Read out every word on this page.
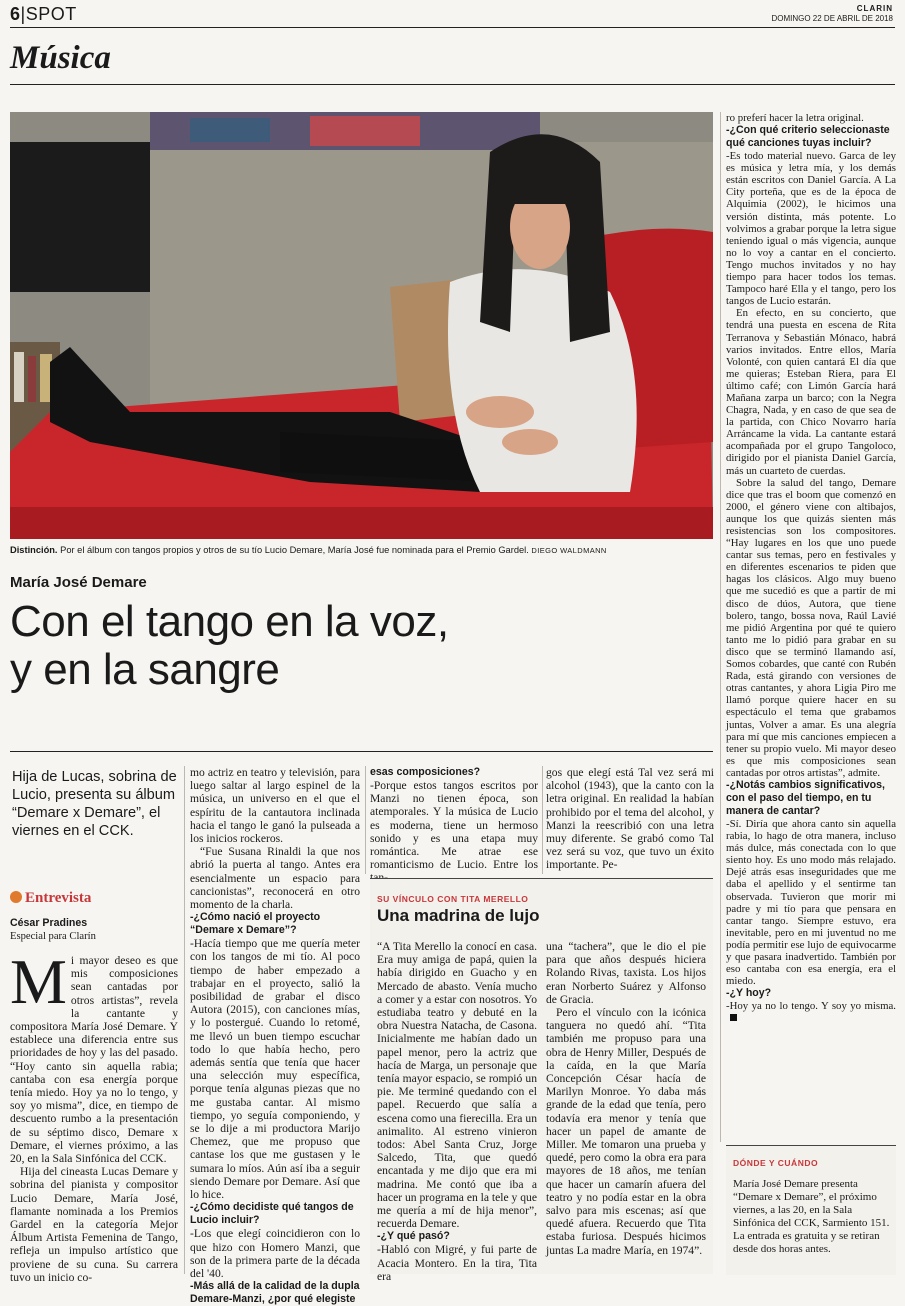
6|SPOT	CLARIN
DOMINGO 22 DE ABRIL DE 2018
Música
Distinción. Por el álbum con tangos propios y otros de su tío Lucio Demare, María José fue nominada para el Premio Gardel. DIEGO WALDMANN
María José Demare
Con el tango en la voz,
y en la sangre
Hija de Lucas, sobrina de Lucio, presenta su álbum “Demare x Demare”, el viernes en el CCK.
Entrevista
César Pradines
Especial para Clarín

Mi mayor deseo es que mis composiciones sean cantadas por otros artistas”, revela la cantante y compositora María José Demare. Y establece una diferencia entre sus prioridades de hoy y las del pasado. “Hoy canto sin aquella rabia; cantaba con esa energía porque tenía miedo. Hoy ya no lo tengo, y soy yo misma”, dice, en tiempo de descuento rumbo a la presentación de su séptimo disco, Demare x Demare, el viernes próximo, a las 20, en la Sala Sinfónica del CCK.

Hija del cineasta Lucas Demare y sobrina del pianista y compositor Lucio Demare, María José, flamante nominada a los Premios Gardel en la categoría Mejor Álbum Artista Femenina de Tango, refleja un impulso artístico que proviene de su cuna. Su carrera tuvo un inicio co-

mo actriz en teatro y televisión, para luego saltar al largo espinel de la música, un universo en el que el espíritu de la cantautora inclinada hacia el tango le ganó la pulseada a los inicios rockeros.

“Fue Susana Rinaldi la que nos abrió la puerta al tango. Antes era esencialmente un espacio para cancionistas”, reconocerá en otro momento de la charla.

-¿Cómo nació el proyecto “Demare x Demare”?

-Hacía tiempo que me quería meter con los tangos de mi tío. Al poco tiempo de haber empezado a trabajar en el proyecto, salió la posibilidad de grabar el disco Autora (2015), con canciones mías, y lo postergué. Cuando lo retomé, me llevó un buen tiempo escuchar todo lo que había hecho, pero además sentía que tenía que hacer una selección muy específica, porque tenía algunas piezas que no me gustaba cantar. Al mismo tiempo, yo seguía componiendo, y se lo dije a mi productora Marijo Chemez, que me propuso que cantase los que me gustasen y le sumara lo míos. Aún así iba a seguir siendo Demare por Demare. Así que lo hice.

-¿Cómo decidiste qué tangos de Lucio incluir?

-Los que elegí coincidieron con lo que hizo con Homero Manzi, que son de la primera parte de la década del '40.

-Más allá de la calidad de la dupla Demare-Manzi, ¿por qué elegiste
esas composiciones?

-Porque estos tangos escritos por Manzi no tienen época, son atemporales. Y la música de Lucio es moderna, tiene un hermoso sonido y es una etapa muy romántica. Me atrae ese romanticismo de Lucio. Entre los

gos que elegí está Tal vez será mi alcohol (1943), que la canto con la letra original. En realidad la habían prohibido por el tema del alcohol, y Manzi la reescribió con una letra muy diferente. Se grabó como Tal vez será su voz, que tuvo un éxito importante. Pe-

SU VÍNCULO CON TITA MERELLO
Una madrina de lujo

“A Tita Merello la conocí en casa. Era muy amiga de papá, quien la había dirigido en Guacho y en Mercado de abasto. Venía mucho a comer y a estar con nosotros. Yo estudiaba teatro y debuté en la obra Nuestra Natacha, de Casona. Inicialmente me habían dado un papel menor, pero la actriz que hacía de Marga, un personaje que tenía mayor espacio, se rompió un pie. Me terminé quedando con el papel. Recuerdo que salía a escena como una fierecilla. Era un animalito. Al estreno vinieron todos: Abel Santa Cruz, Jorge Salcedo, Tita, que quedó encantada y me dijo que era mi madrina. Me contó que iba a hacer un programa en la tele y que me quería a mí de hija menor”, recuerda Demare.

-¿Y qué pasó?

-Habló con Migré, y fui parte de Acacia Montero. En la tira, Tita era

una “tachera”, que le dio el pie para que años después hiciera Rolando Rivas, taxista. Los hijos eran Norberto Suárez y Alfonso de Gracia.

Pero el vínculo con la icónica tanguera no quedó ahí. “Tita también me propuso para una obra de Henry Miller, Después de la caída, en la que María Concepción César hacía de Marilyn Monroe. Yo daba más grande de la edad que tenía, pero todavía era menor y tenía que hacer un papel de amante de Miller. Me tomaron una prueba y quedé, pero como la obra era para mayores de 18 años, me tenían que hacer un camarín afuera del teatro y no podía estar en la obra salvo para mis escenas; así que quedé afuera. Recuerdo que Tita estaba furiosa. Después hicimos juntas La madre María, en 1974”.

ro preferí hacer la letra original.

-¿Con qué criterio seleccionaste qué canciones tuyas incluir?

-Es todo material nuevo. Garca de ley es música y letra mía, y los demás están escritos con Daniel García. A La City porteña, que es de la época de Alquimia (2002), le hicimos una versión distinta, más potente. Lo volvimos a grabar porque la letra sigue teniendo igual o más vigencia, aunque no lo voy a cantar en el concierto. Tengo muchos invitados y no hay tiempo para hacer todos los temas. Tampoco haré Ella y el tango, pero los tangos de Lucio estarán.

En efecto, en su concierto, que tendrá una puesta en escena de Rita Terranova y Sebastián Mónaco, habrá varios invitados. Entre ellos, María Volonté, con quien cantará El día que me quieras; Esteban Riera, para El último café; con Limón García hará Mañana zarpa un barco; con la Negra Chagra, Nada, y en caso de que sea de la partida, con Chico Novarro haría Arráncame la vida. La cantante estará acompañada por el grupo Tangoloco, dirigido por el pianista Daniel García, más un cuarteto de cuerdas.

Sobre la salud del tango, Demare dice que tras el boom que comenzó en 2000, el género viene con altibajos, aunque los que quizás sienten más resistencias son los compositores. “Hay lugares en los que uno puede cantar sus temas, pero en festivales y en diferentes escenarios te piden que hagas los clásicos. Algo muy bueno que me sucedió es que a partir de mi disco de dúos, Autora, que tiene bolero, tango, bossa nova, Raúl Lavié me pidió Argentina por qué te quiero tanto me lo pidió para grabar en su disco que se terminó llamando así, Somos cobardes, que canté con Rubén Rada, está girando con versiones de otras cantantes, y ahora Ligia Piro me llamó porque quiere hacer en su espectáculo el tema que grabamos juntas, Volver a amar. Es una alegría para mí que mis canciones empiecen a tener su propio vuelo. Mi mayor deseo es que mis composiciones sean cantadas por otros artistas”, admite.

-¿Notás cambios significativos, con el paso del tiempo, en tu manera de cantar?

-Sí. Diría que ahora canto sin aquella rabia, lo hago de otra manera, incluso más dulce, más conectada con lo que siento hoy. Es uno modo más relajado. Dejé atrás esas inseguridades que me daba el apellido y el sentirme tan observada. Tuvieron que morir mi padre y mi tío para que pensara en cantar tango. Siempre estuvo, era inevitable, pero en mi juventud no me podía permitir ese lujo de equivocarme y que pasara inadvertido. También por eso cantaba con esa energía, era el miedo.

-¿Y hoy?

-Hoy ya no lo tengo. Y soy yo misma.

DÓNDE Y CUÁNDO
María José Demare presenta “Demare x Demare”, el próximo viernes, a las 20, en la Sala Sinfónica del CCK, Sarmiento 151. La entrada es gratuita y se retiran desde dos horas antes.
